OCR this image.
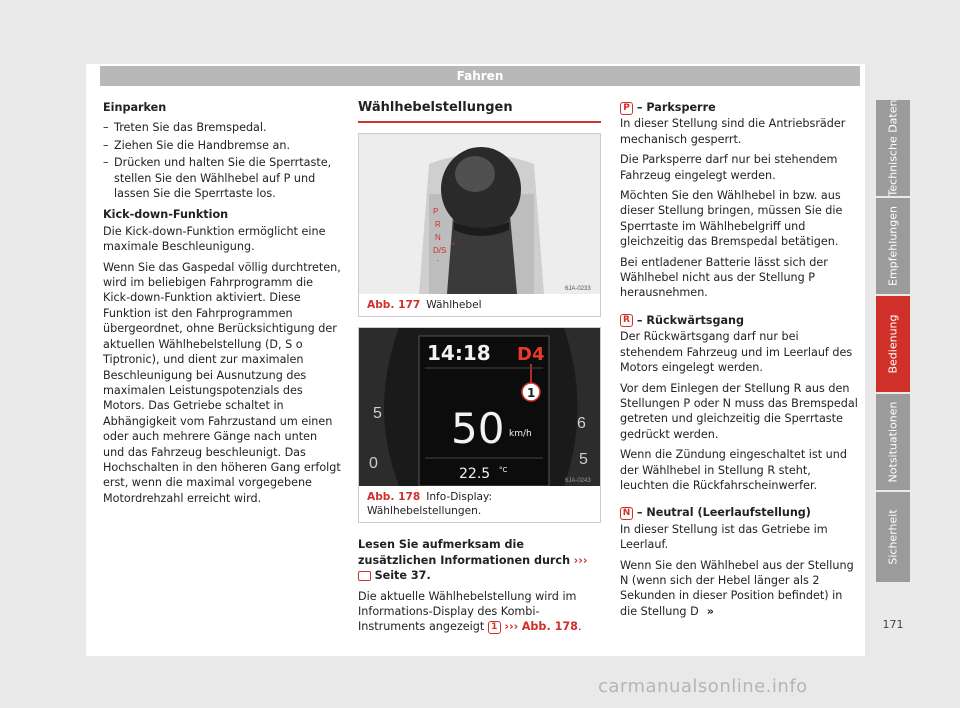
Fahren

Einparken

– Treten Sie das Bremspedal.
– Ziehen Sie die Handbremse an.
– Drücken und halten Sie die Sperrtaste, stellen Sie den Wählhebel auf P und lassen Sie die Sperrtaste los.

Kick-down-Funktion

Die Kick-down-Funktion ermöglicht eine maximale Beschleunigung.

Wenn Sie das Gaspedal völlig durchtreten, wird im beliebigen Fahrprogramm die Kick-down-Funktion aktiviert. Diese Funktion ist den Fahrprogrammen übergeordnet, ohne Berücksichtigung der aktuellen Wählhebelstellung (D, S o Tiptronic), und dient zur maximalen Beschleunigung bei Ausnutzung des maximalen Leistungspotenzials des Motors. Das Getriebe schaltet in Abhängigkeit vom Fahrzustand um einen oder auch mehrere Gänge nach unten und das Fahrzeug beschleunigt. Das Hochschalten in den höheren Gang erfolgt erst, wenn die maximal vorgegebene Motordrehzahl erreicht wird.

Wählhebelstellungen
P
R
N
D/S
+
-
6JA-0233
Abb. 177 Wählhebel
5
0
6
5
14:18 D4
1
50 km/h
22.5 °C
6JA-0243
Abb. 178 Info-Display: Wählhebelstellungen.

Lesen Sie aufmerksam die zusätzlichen Informationen durch ›››  Seite 37.

Die aktuelle Wählhebelstellung wird im Informations-Display des Kombi-Instruments angezeigt 1 ››› Abb. 178.

P – Parksperre

In dieser Stellung sind die Antriebsräder mechanisch gesperrt.

Die Parksperre darf nur bei stehendem Fahrzeug eingelegt werden.

Möchten Sie den Wählhebel in bzw. aus dieser Stellung bringen, müssen Sie die Sperrtaste im Wählhebelgriff und gleichzeitig das Bremspedal betätigen.

Bei entladener Batterie lässt sich der Wählhebel nicht aus der Stellung P herausnehmen.

R – Rückwärtsgang

Der Rückwärtsgang darf nur bei stehendem Fahrzeug und im Leerlauf des Motors eingelegt werden.

Vor dem Einlegen der Stellung R aus den Stellungen P oder N muss das Bremspedal getreten und gleichzeitig die Sperrtaste gedrückt werden.

Wenn die Zündung eingeschaltet ist und der Wählhebel in Stellung R steht, leuchten die Rückfahrscheinwerfer.

N – Neutral (Leerlaufstellung)

In dieser Stellung ist das Getriebe im Leerlauf.

Wenn Sie den Wählhebel aus der Stellung N (wenn sich der Hebel länger als 2 Sekunden in dieser Position befindet) in die Stellung D »

Technische Daten
Empfehlungen
Bedienung
Notsituationen
Sicherheit
171
carmanualsonline.info
